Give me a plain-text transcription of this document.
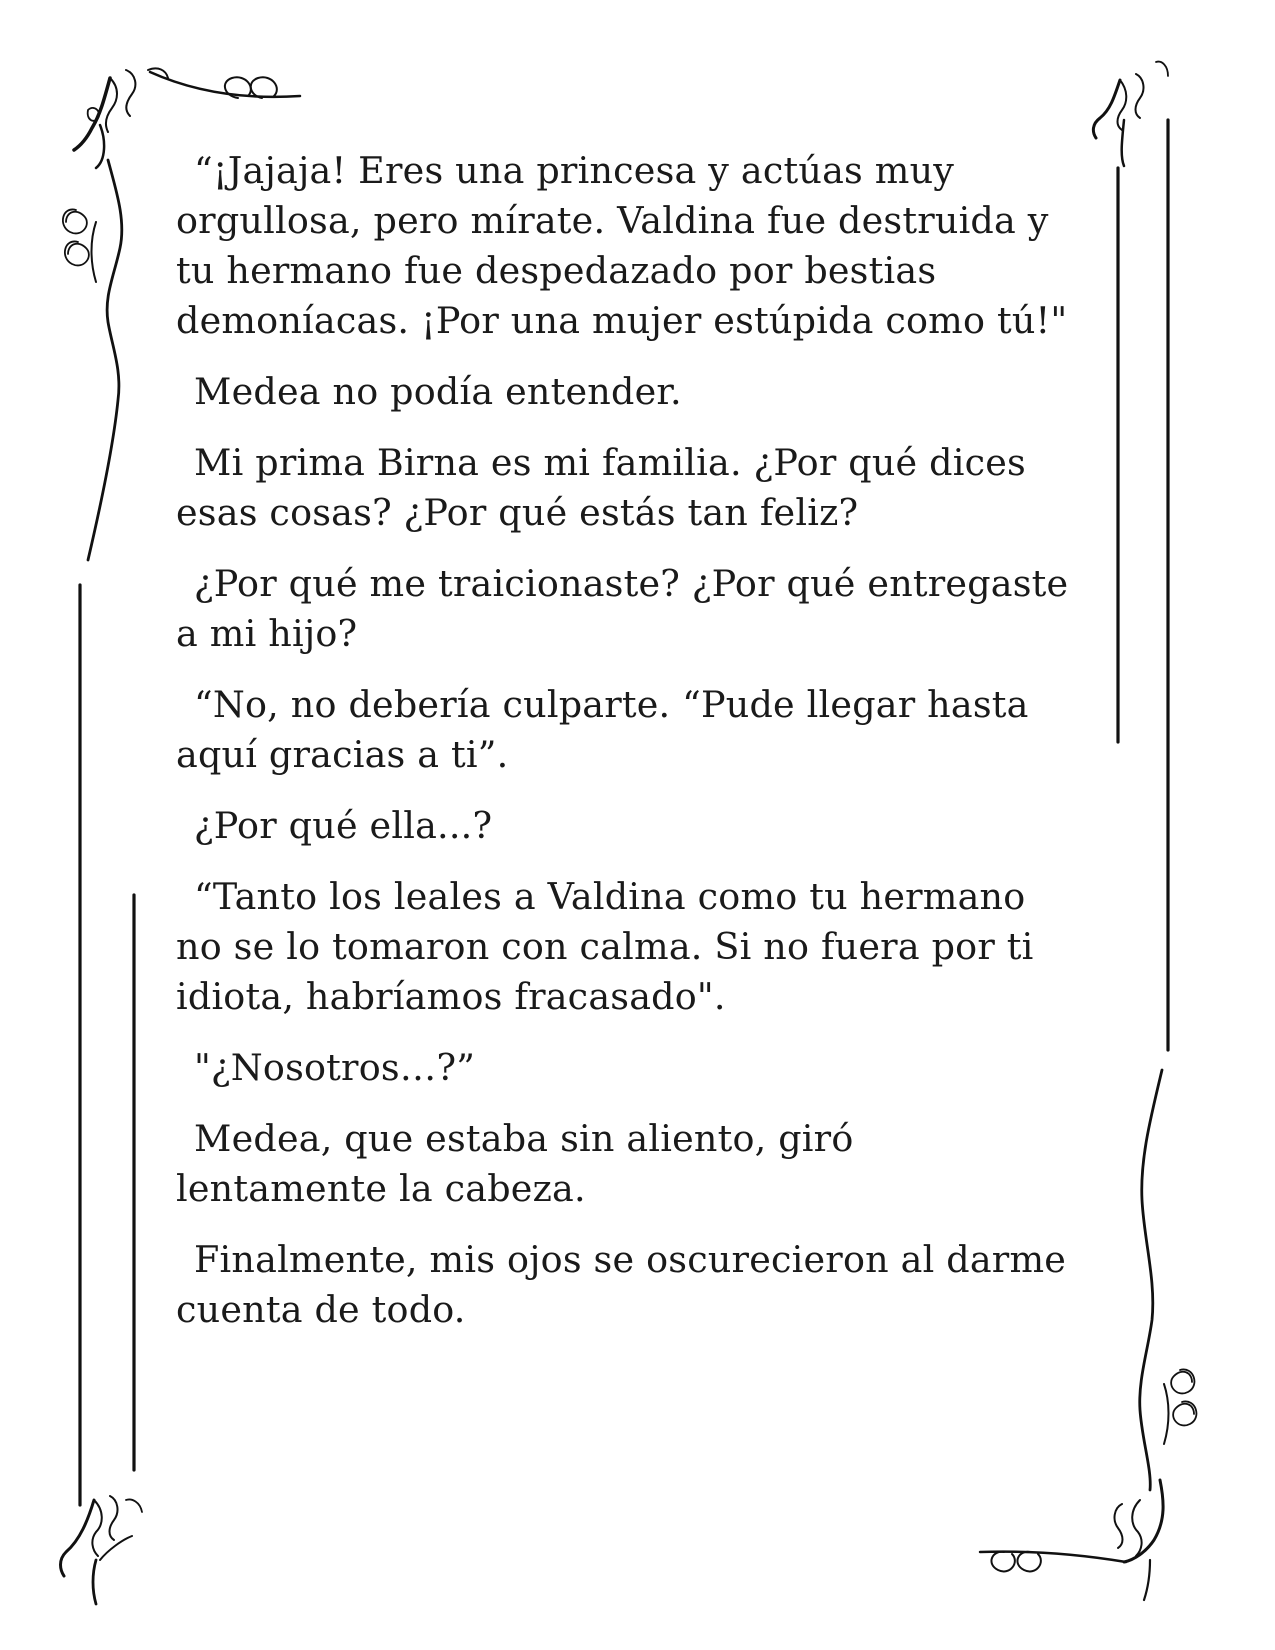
“¡Jajaja! Eres una princesa y actúas muy
orgullosa, pero mírate. Valdina fue destruida y
tu hermano fue despedazado por bestias
demoníacas. ¡Por una mujer estúpida como tú!"

Medea no podía entender.

Mi prima Birna es mi familia. ¿Por qué dices
esas cosas? ¿Por qué estás tan feliz?

¿Por qué me traicionaste? ¿Por qué entregaste
a mi hijo?

“No, no debería culparte. “Pude llegar hasta
aquí gracias a ti”.

¿Por qué ella...?

“Tanto los leales a Valdina como tu hermano
no se lo tomaron con calma. Si no fuera por ti
idiota, habríamos fracasado".

"¿Nosotros…?”

Medea, que estaba sin aliento, giró
lentamente la cabeza.

Finalmente, mis ojos se oscurecieron al darme
cuenta de todo.
